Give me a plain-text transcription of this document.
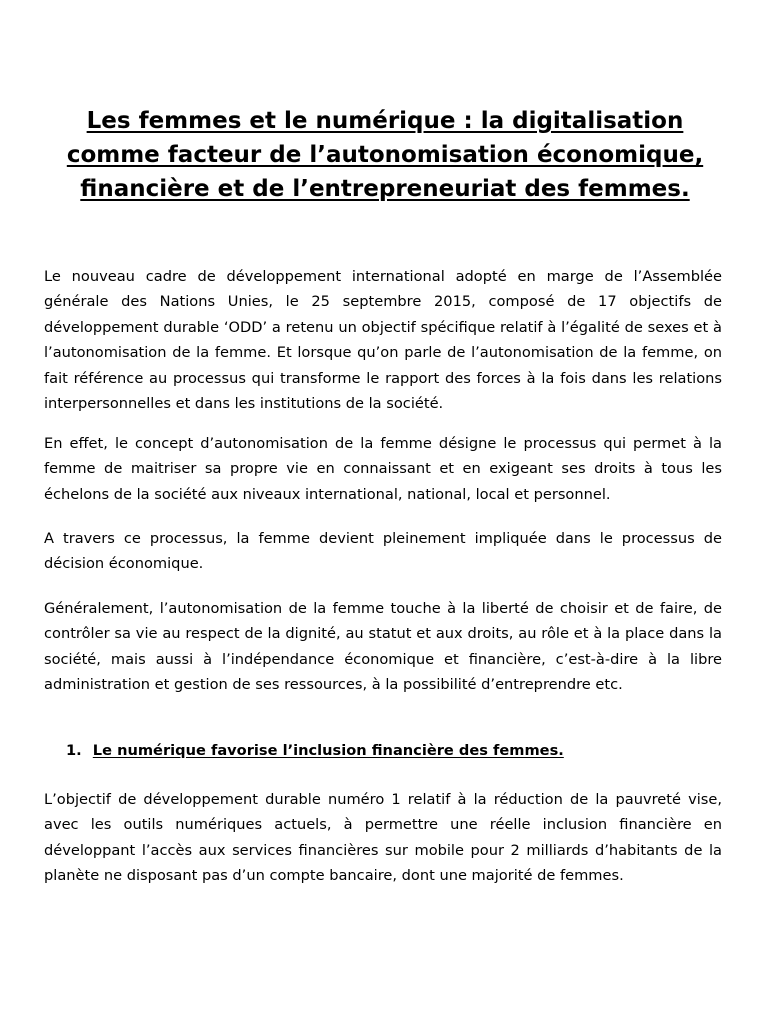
Les femmes et le numérique : la digitalisation comme facteur de l’autonomisation économique, financière et de l’entrepreneuriat des femmes.

Le nouveau cadre de développement international adopté en marge de l’Assemblée générale des Nations Unies, le 25 septembre 2015, composé de 17 objectifs de développement durable ‘ODD’ a retenu un objectif spécifique relatif à l’égalité de sexes et à l’autonomisation de la femme. Et lorsque qu’on parle de l’autonomisation de la femme, on fait référence au processus qui transforme le rapport des forces à la fois dans les relations interpersonnelles et dans les institutions de la société.

En effet, le concept d’autonomisation de la femme désigne le processus qui permet à la femme de maitriser sa propre vie en connaissant et en exigeant ses droits à tous les échelons de la société aux niveaux international, national, local et personnel.

A travers ce processus, la femme devient pleinement impliquée dans le processus de décision économique.

Généralement, l’autonomisation de la femme touche à la liberté de choisir et de faire, de contrôler sa vie au respect de la dignité, au statut et aux droits, au rôle et à la place dans la société, mais aussi à l’indépendance économique et financière, c’est-à-dire à la libre administration et gestion de ses ressources, à la possibilité d’entreprendre etc.

1. Le numérique favorise l’inclusion financière des femmes.

L’objectif de développement durable numéro 1 relatif à la réduction de la pauvreté vise, avec les outils numériques actuels, à permettre une réelle inclusion financière en développant l’accès aux services financières sur mobile pour 2 milliards d’habitants de la planète ne disposant pas d’un compte bancaire, dont une majorité de femmes.
